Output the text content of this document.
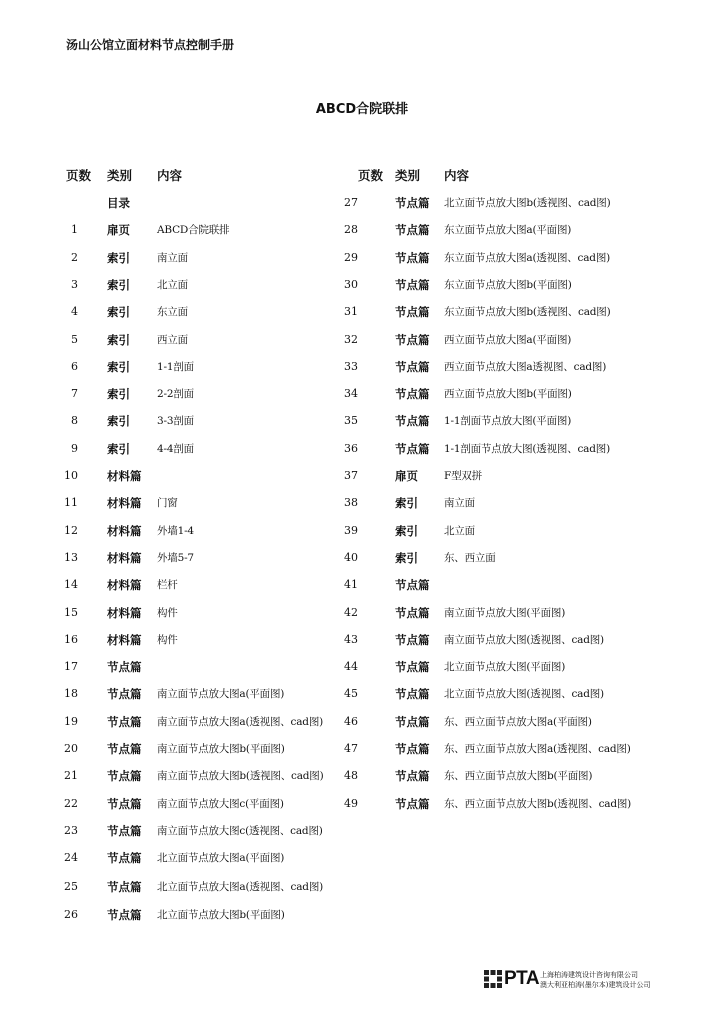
汤山公馆立面材料节点控制手册
ABCD合院联排
页数 类别 内容
目录
1	扉页	ABCD合院联排
2	索引	南立面
3	索引	北立面
4	索引	东立面
5	索引	西立面
6	索引	1-1剖面
7	索引	2-2剖面
8	索引	3-3剖面
9	索引	4-4剖面
10	材料篇
11	材料篇 门窗
12	材料篇 外墙1-4
13	材料篇 外墙5-7
14	材料篇 栏杆
15	材料篇 构件
16	材料篇 构件
17	节点篇
18	节点篇 南立面节点放大图a(平面图)
19	节点篇 南立面节点放大图a(透视图、cad图)
20	节点篇 南立面节点放大图b(平面图)
21	节点篇 南立面节点放大图b(透视图、cad图)
22	节点篇 南立面节点放大图c(平面图)
23	节点篇 南立面节点放大图c(透视图、cad图)
24	节点篇 北立面节点放大图a(平面图)
25	节点篇 北立面节点放大图a(透视图、cad图)
26	节点篇 北立面节点放大图b(平面图)
页数 类别 内容
27	节点篇 北立面节点放大图b(透视图、cad图)
28	节点篇 东立面节点放大图a(平面图)
29	节点篇 东立面节点放大图a(透视图、cad图)
30	节点篇 东立面节点放大图b(平面图)
31	节点篇 东立面节点放大图b(透视图、cad图)
32	节点篇 西立面节点放大图a(平面图)
33	节点篇 西立面节点放大图a透视图、cad图)
34	节点篇 西立面节点放大图b(平面图)
35	节点篇 1-1剖面节点放大图(平面图)
36	节点篇 1-1剖面节点放大图(透视图、cad图)
37	扉页 F型双拼
38	索引 南立面
39	索引 北立面
40	索引 东、西立面
41	节点篇
42	节点篇 南立面节点放大图(平面图)
43	节点篇 南立面节点放大图(透视图、cad图)
44	节点篇 北立面节点放大图(平面图)
45	节点篇 北立面节点放大图(透视图、cad图)
46	节点篇 东、西立面节点放大图a(平面图)
47	节点篇 东、西立面节点放大图a(透视图、cad图)
48	节点篇 东、西立面节点放大图b(平面图)
49	节点篇 东、西立面节点放大图b(透视图、cad图)
PTA 上海柏涛建筑设计咨询有限公司
澳大利亚柏涛(墨尔本)建筑设计公司
